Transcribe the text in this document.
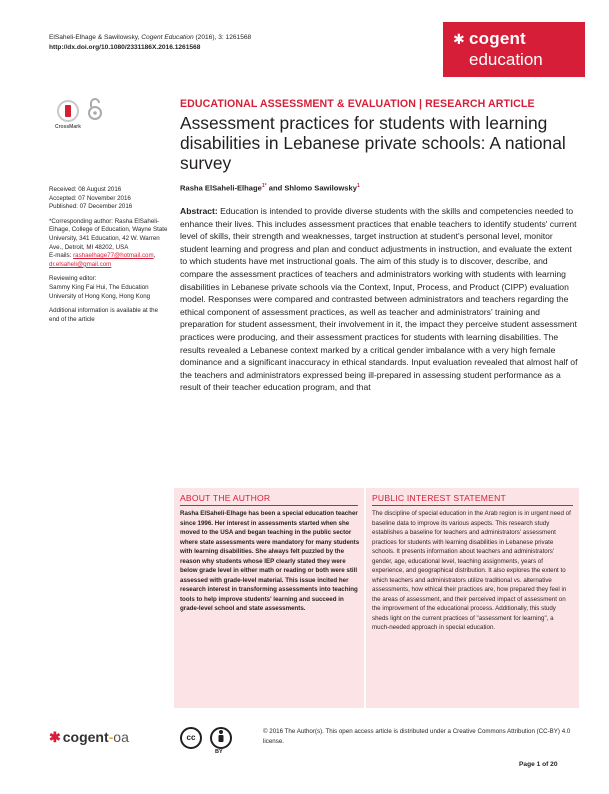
ElSaheli-Elhage & Sawilowsky, Cogent Education (2016), 3: 1261568
http://dx.doi.org/10.1080/2331186X.2016.1261568
✱ cogent
education
CrossMark
EDUCATIONAL ASSESSMENT & EVALUATION | RESEARCH ARTICLE
Assessment practices for students with learning disabilities in Lebanese private schools: A national survey
Rasha ElSaheli-Elhage$^{1*}$ and Shlomo Sawilowsky$^1$

Received: 08 August 2016
Accepted: 07 November 2016
Published: 07 December 2016

*Corresponding author: Rasha ElSaheli-Elhage, College of Education, Wayne State University, 341 Education, 42 W. Warren Ave., Detroit, MI 48202, USA
E-mails: rashaelhage77@hotmail.com, dr.elsaheli@gmail.com

Reviewing editor:
Sammy King Fai Hui, The Education University of Hong Kong, Hong Kong

Additional information is available at the end of the article

Abstract: Education is intended to provide diverse students with the skills and competencies needed to enhance their lives. This includes assessment practices that enable teachers to identify students' current level of skills, their strength and weaknesses, target instruction at student's personal level, monitor student learning and progress and plan and conduct adjustments in instruction, and evaluate the extent to which students have met instructional goals. The aim of this study is to discover, describe, and compare the assessment practices of teachers and administrators working with students with learning disabilities in Lebanese private schools via the Context, Input, Process, and Product (CIPP) evaluation model. Responses were compared and contrasted between administrators and teachers regarding the ethical component of assessment practices, as well as teacher and administrators' training and preparation for student assessment, their involvement in it, the impact they perceive student assessment practices were producing, and their assessment practices for students with learning disabilities. The results revealed a Lebanese context marked by a critical gender imbalance with a very high female dominance and a significant inaccuracy in ethical standards. Input evaluation revealed that almost half of the teachers and administrators expressed being ill-prepared in assessing student performance as a result of their teacher education program, and that
ABOUT THE AUTHOR
Rasha ElSaheli-Elhage has been a special education teacher since 1996. Her interest in assessments started when she moved to the USA and began teaching in the public sector where state assessments were mandatory for many students with learning disabilities. She always felt puzzled by the reason why students whose IEP clearly stated they were below grade level in either math or reading or both were still assessed with grade-level material. This issue incited her research interest in transforming assessments into teaching tools to help improve students' learning and succeed in grade-level school and state assessments.
PUBLIC INTEREST STATEMENT
The discipline of special education in the Arab region is in urgent need of baseline data to improve its various aspects. This research study establishes a baseline for teachers and administrators' assessment practices for students with learning disabilities in Lebanese private schools. It presents information about teachers and administrators' gender, age, educational level, teaching assignments, years of experience, and geographical distribution. It also explores the extent to which teachers and administrators utilize traditional vs. alternative assessments, how ethical their practices are, how prepared they feel in the areas of assessment, and their perceived impact of assessment on the improvement of the educational process. Additionally, this study sheds light on the current practices of "assessment for learning", a much-needed approach in special education.
✱ cogent-oa	cc
BY
© 2016 The Author(s). This open access article is distributed under a Creative Commons Attribution (CC-BY) 4.0 license.
Page 1 of 20
